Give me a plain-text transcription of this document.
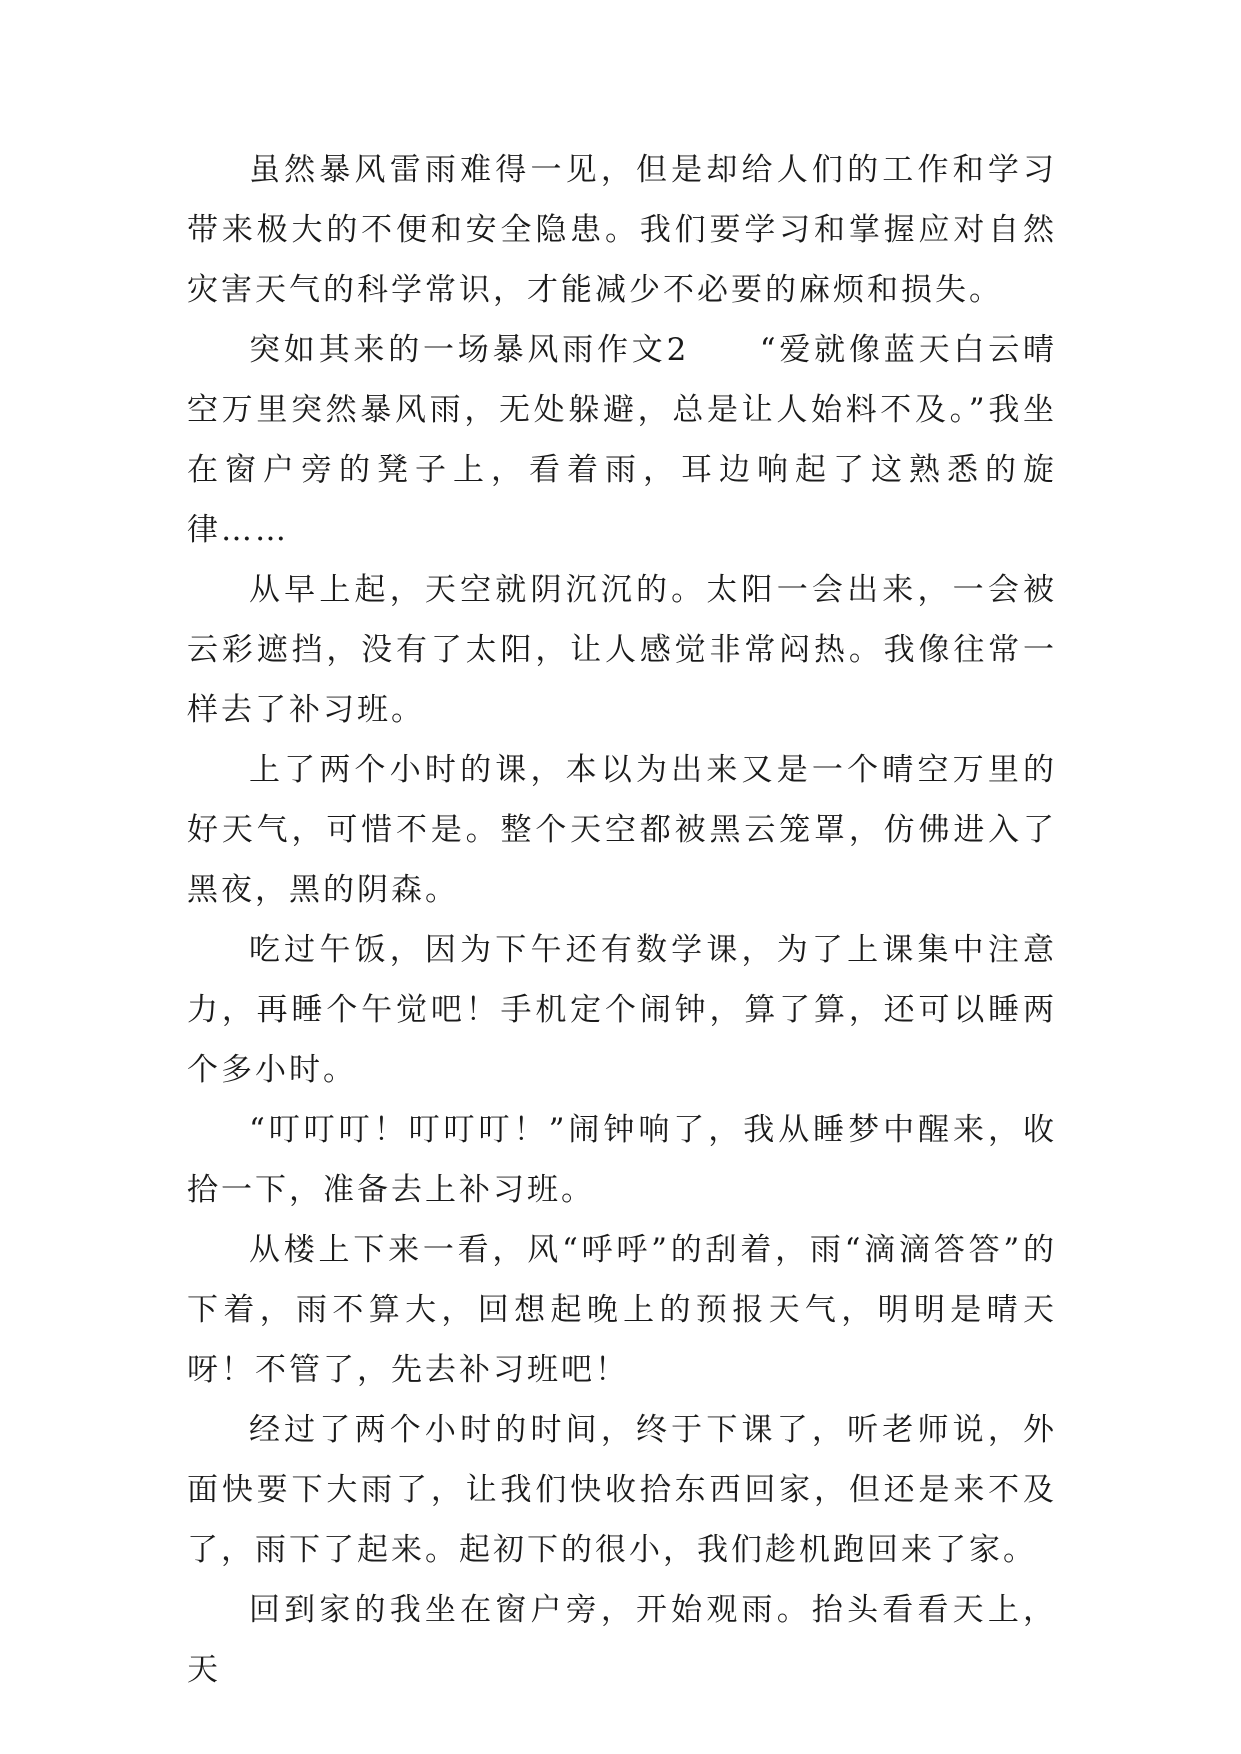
虽然暴风雷雨难得一见，但是却给人们的工作和学习带来极大的不便和安全隐患。我们要学习和掌握应对自然灾害天气的科学常识，才能减少不必要的麻烦和损失。

突如其来的一场暴风雨作文2　　“爱就像蓝天白云晴空万里突然暴风雨，无处躲避，总是让人始料不及。”我坐在窗户旁的凳子上，看着雨，耳边响起了这熟悉的旋律……

从早上起，天空就阴沉沉的。太阳一会出来，一会被云彩遮挡，没有了太阳，让人感觉非常闷热。我像往常一样去了补习班。

上了两个小时的课，本以为出来又是一个晴空万里的好天气，可惜不是。整个天空都被黑云笼罩，仿佛进入了黑夜，黑的阴森。

吃过午饭，因为下午还有数学课，为了上课集中注意力，再睡个午觉吧！手机定个闹钟，算了算，还可以睡两个多小时。

“叮叮叮！叮叮叮！”闹钟响了，我从睡梦中醒来，收拾一下，准备去上补习班。

从楼上下来一看，风“呼呼”的刮着，雨“滴滴答答”的下着，雨不算大，回想起晚上的预报天气，明明是晴天呀！不管了，先去补习班吧！

经过了两个小时的时间，终于下课了，听老师说，外面快要下大雨了，让我们快收拾东西回家，但还是来不及了，雨下了起来。起初下的很小，我们趁机跑回来了家。

回到家的我坐在窗户旁，开始观雨。抬头看看天上，天
